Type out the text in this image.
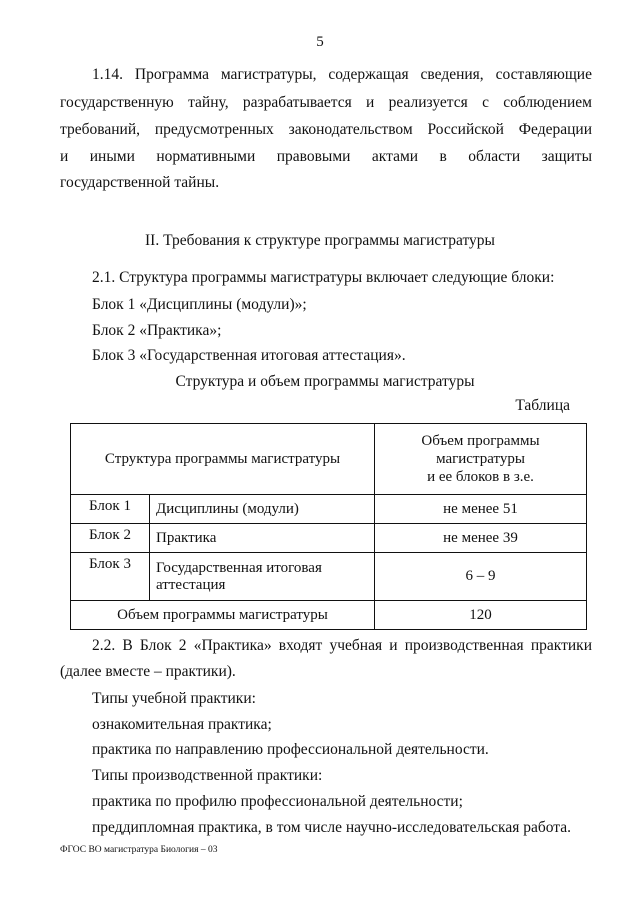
5
1.14. Программа магистратуры, содержащая сведения, составляющие
государственную тайну, разрабатывается и реализуется с соблюдением
требований, предусмотренных законодательством Российской Федерации
и иными нормативными правовыми актами в области защиты
государственной тайны.
II. Требования к структуре программы магистратуры
2.1. Структура программы магистратуры включает следующие блоки:
Блок 1 «Дисциплины (модули)»;
Блок 2 «Практика»;
Блок 3 «Государственная итоговая аттестация».
Структура и объем программы магистратуры
Таблица
Структура программы магистратуры		Объем программы
магистратуры
и ее блоков в з.е.

Блок 1	Дисциплины (модули)	не менее 51
Блок 2	Практика	не менее 39
Блок 3	Государственная итоговая аттестация	6 – 9
Объем программы магистратуры		120
2.2. В Блок 2 «Практика» входят учебная и производственная практики
(далее вместе – практики).
Типы учебной практики:
ознакомительная практика;
практика по направлению профессиональной деятельности.
Типы производственной практики:
практика по профилю профессиональной деятельности;
преддипломная практика, в том числе научно-исследовательская работа.
ФГОС ВО магистратура Биология – 03
